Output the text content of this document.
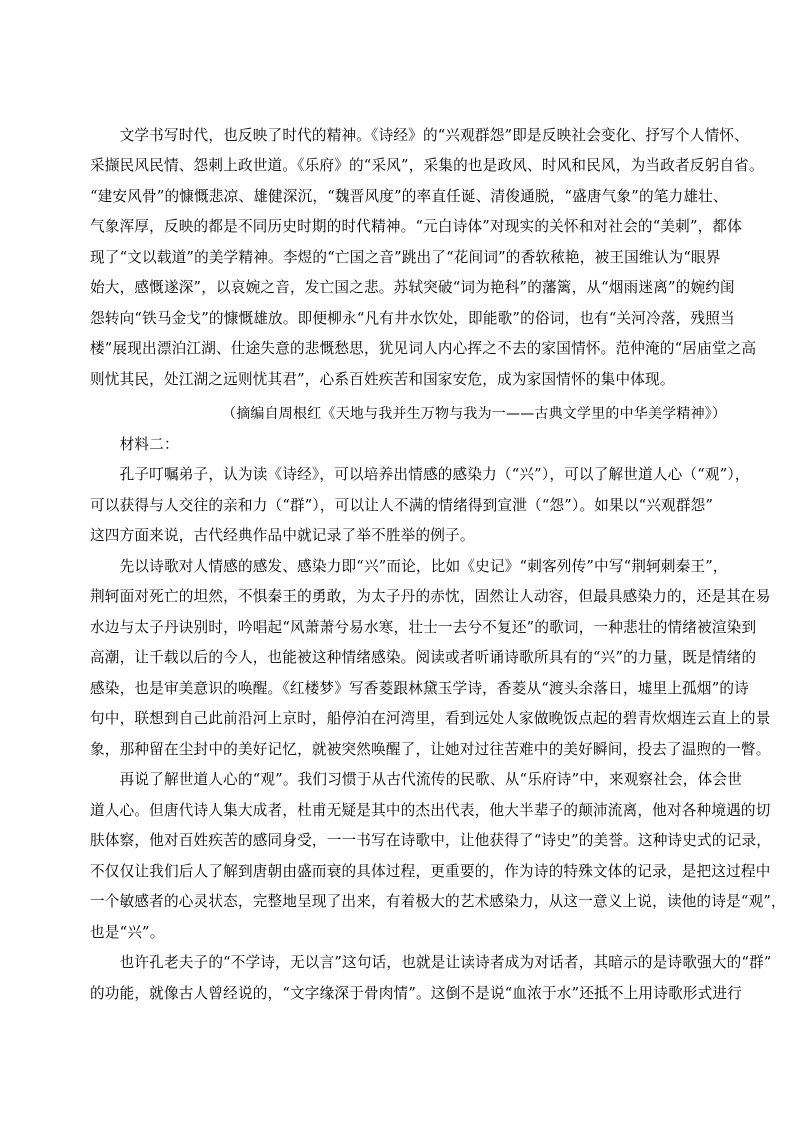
　　文学书写时代，也反映了时代的精神。《诗经》的“兴观群怨”即是反映社会变化、抒写个人情怀、
采撷民风民情、怨刺上政世道。《乐府》的“采风”，采集的也是政风、时风和民风，为当政者反躬自省。
“建安风骨”的慷慨悲凉、雄健深沉，“魏晋风度”的率直任诞、清俊通脱，“盛唐气象”的笔力雄壮、
气象浑厚，反映的都是不同历史时期的时代精神。“元白诗体”对现实的关怀和对社会的“美刺”，都体
现了“文以载道”的美学精神。李煜的“亡国之音”跳出了“花间词”的香软秾艳，被王国维认为“眼界
始大，感慨遂深”，以哀婉之音，发亡国之悲。苏轼突破“词为艳科”的藩篱，从“烟雨迷离”的婉约闺
怨转向“铁马金戈”的慷慨雄放。即便柳永“凡有井水饮处，即能歌”的俗词，也有“关河冷落，残照当
楼”展现出漂泊江湖、仕途失意的悲慨愁思，犹见词人内心挥之不去的家国情怀。范仲淹的“居庙堂之高
则忧其民，处江湖之远则忧其君”，心系百姓疾苦和国家安危，成为家国情怀的集中体现。
（摘编自周根红《天地与我并生万物与我为一——古典文学里的中华美学精神》）
　　材料二：
　　孔子叮嘱弟子，认为读《诗经》，可以培养出情感的感染力（“兴”），可以了解世道人心（“观”），
可以获得与人交往的亲和力（“群”），可以让人不满的情绪得到宣泄（“怨”）。如果以“兴观群怨”
这四方面来说，古代经典作品中就记录了举不胜举的例子。
　　先以诗歌对人情感的感发、感染力即“兴”而论，比如《史记》“刺客列传”中写“荆轲刺秦王”，
荆轲面对死亡的坦然，不惧秦王的勇敢，为太子丹的赤忱，固然让人动容，但最具感染力的，还是其在易
水边与太子丹诀别时，吟唱起“风萧萧兮易水寒，壮士一去兮不复还”的歌词，一种悲壮的情绪被渲染到
高潮，让千载以后的今人，也能被这种情绪感染。阅读或者听诵诗歌所具有的“兴”的力量，既是情绪的
感染，也是审美意识的唤醒。《红楼梦》写香菱跟林黛玉学诗，香菱从“渡头余落日，墟里上孤烟”的诗
句中，联想到自己此前沿河上京时，船停泊在河湾里，看到远处人家做晚饭点起的碧青炊烟连云直上的景
象，那种留在尘封中的美好记忆，就被突然唤醒了，让她对过往苦难中的美好瞬间，投去了温煦的一瞥。
　　再说了解世道人心的“观”。我们习惯于从古代流传的民歌、从“乐府诗”中，来观察社会，体会世
道人心。但唐代诗人集大成者，杜甫无疑是其中的杰出代表，他大半辈子的颠沛流离，他对各种境遇的切
肤体察，他对百姓疾苦的感同身受，一一书写在诗歌中，让他获得了“诗史”的美誉。这种诗史式的记录，
不仅仅让我们后人了解到唐朝由盛而衰的具体过程，更重要的，作为诗的特殊文体的记录，是把这过程中
一个敏感者的心灵状态，完整地呈现了出来，有着极大的艺术感染力，从这一意义上说，读他的诗是“观”，
也是“兴”。
　　也许孔老夫子的“不学诗，无以言”这句话，也就是让读诗者成为对话者，其暗示的是诗歌强大的“群”
的功能，就像古人曾经说的，“文字缘深于骨肉情”。这倒不是说“血浓于水”还抵不上用诗歌形式进行
